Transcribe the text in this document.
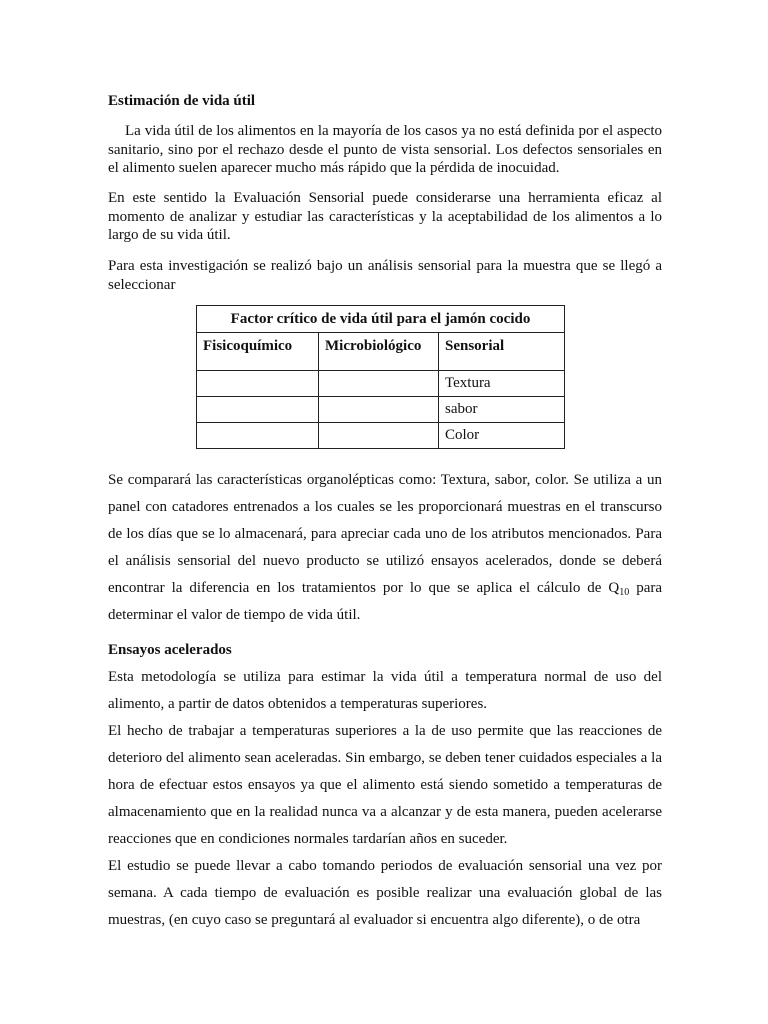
Estimación de vida útil

La vida útil de los alimentos en la mayoría de los casos ya no está definida por el aspecto sanitario, sino por el rechazo desde el punto de vista sensorial. Los defectos sensoriales en el alimento suelen aparecer mucho más rápido que la pérdida de inocuidad.

En este sentido la Evaluación Sensorial puede considerarse una herramienta eficaz al momento de analizar y estudiar las características y la aceptabilidad de los alimentos a lo largo de su vida útil.

Para esta investigación se realizó bajo un análisis sensorial para la muestra que se llegó a seleccionar

Factor crítico de vida útil para el jamón cocido		
Fisicoquímico	Microbiológico	Sensorial
		Textura
		sabor
		Color

Se comparará las características organolépticas como: Textura, sabor, color. Se utiliza a un panel con catadores entrenados a los cuales se les proporcionará muestras en el transcurso de los días que se lo almacenará, para apreciar cada uno de los atributos mencionados. Para el análisis sensorial del nuevo producto se utilizó ensayos acelerados, donde se deberá encontrar la diferencia en los tratamientos por lo que se aplica el cálculo de $Q_{10}$ para determinar el valor de tiempo de vida útil.

Ensayos acelerados

Esta metodología se utiliza para estimar la vida útil a temperatura normal de uso del alimento, a partir de datos obtenidos a temperaturas superiores.

El hecho de trabajar a temperaturas superiores a la de uso permite que las reacciones de deterioro del alimento sean aceleradas. Sin embargo, se deben tener cuidados especiales a la hora de efectuar estos ensayos ya que el alimento está siendo sometido a temperaturas de almacenamiento que en la realidad nunca va a alcanzar y de esta manera, pueden acelerarse reacciones que en condiciones normales tardarían años en suceder.

El estudio se puede llevar a cabo tomando periodos de evaluación sensorial una vez por semana. A cada tiempo de evaluación es posible realizar una evaluación global de las muestras, (en cuyo caso se preguntará al evaluador si encuentra algo diferente), o de otra
